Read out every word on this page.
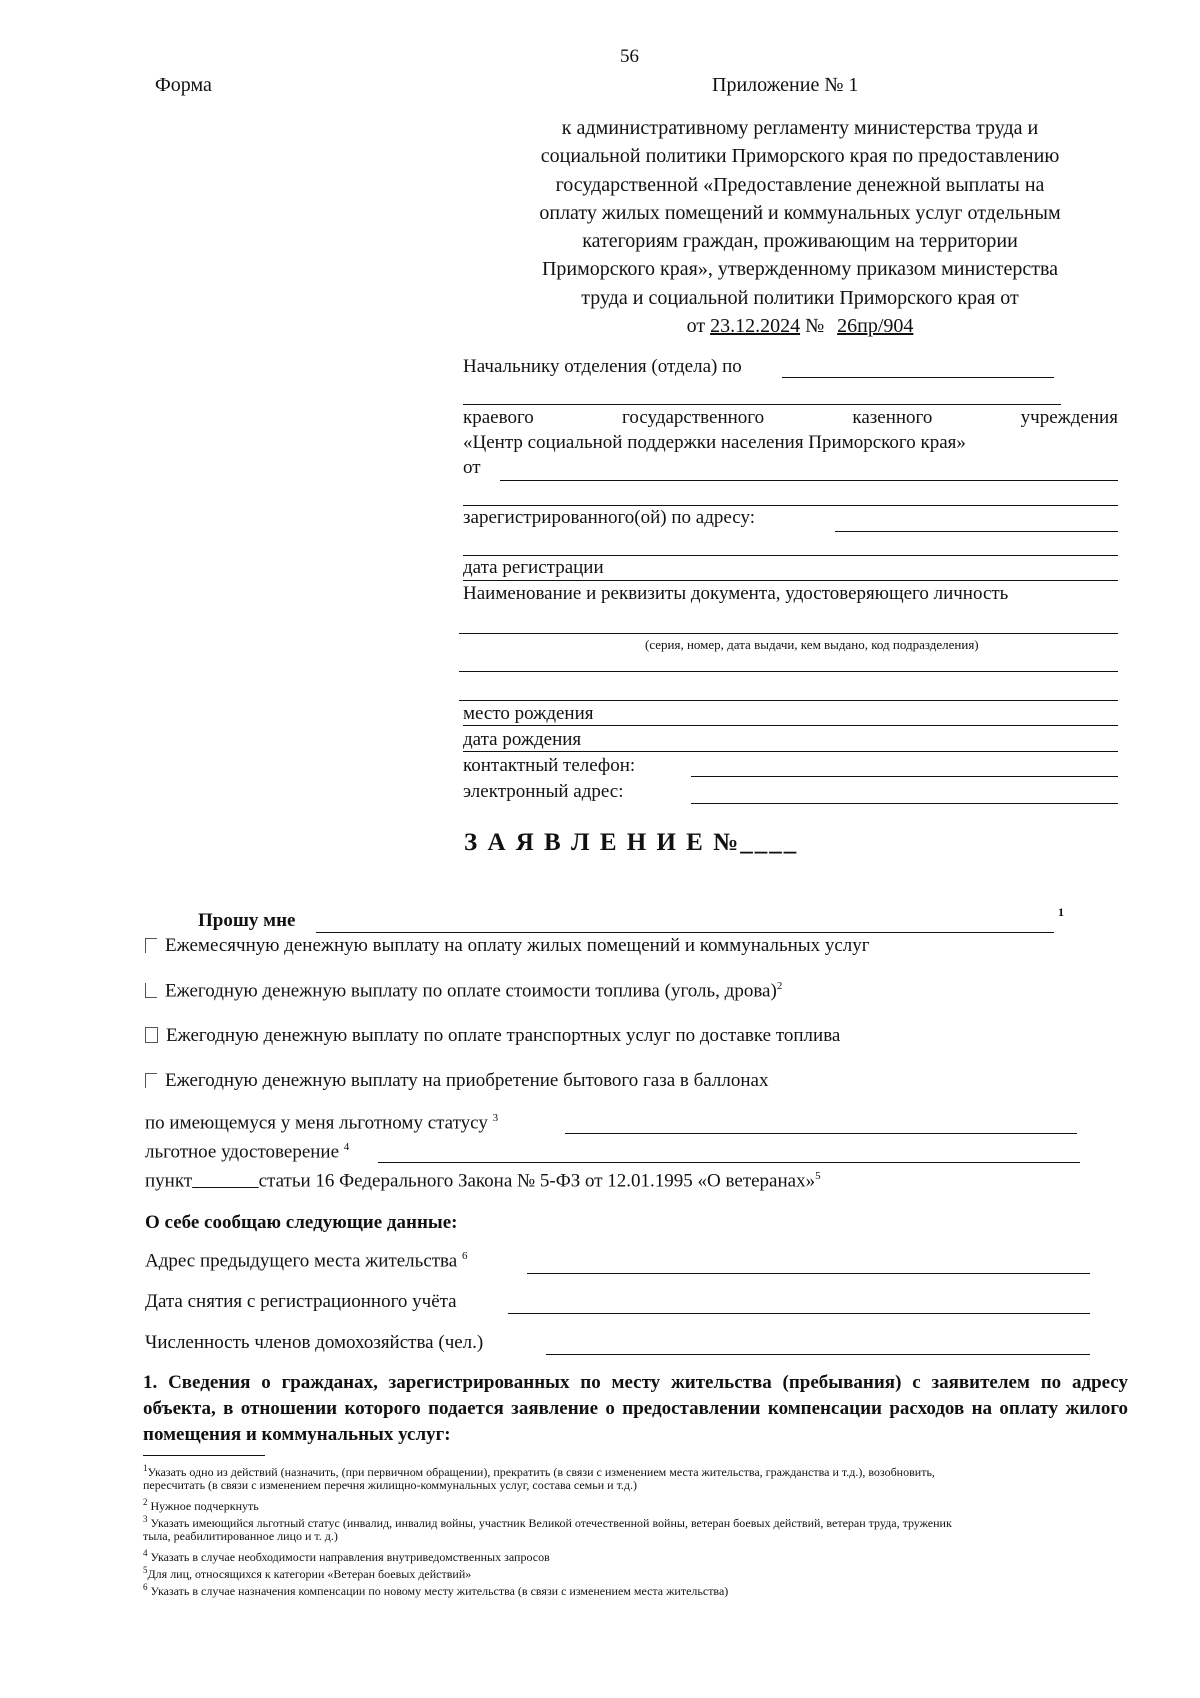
56
Форма	Приложение № 1
к административному регламенту министерства труда и
социальной политики Приморского края по предоставлению
государственной «Предоставление денежной выплаты на
оплату жилых помещений и коммунальных услуг отдельным
категориям граждан, проживающим на территории
Приморского края», утвержденному приказом министерства
труда и социальной политики Приморского края от
от 23.12.2024 № 26пр/904
Начальнику отделения (отдела) по
краевого	государственного	казенного	учреждения
«Центр социальной поддержки населения Приморского края»
от
зарегистрированного(ой) по адресу:
дата регистрации
Наименование и реквизиты документа, удостоверяющего личность
(серия, номер, дата выдачи, кем выдано, код подразделения)
место рождения
дата рождения
контактный телефон:
электронный адрес:
З А Я В Л Е Н И Е №____
Прошу мне	1
Ежемесячную денежную выплату на оплату жилых помещений и коммунальных услуг
Ежегодную денежную выплату по оплате стоимости топлива (уголь, дрова)$^2$
Ежегодную денежную выплату по оплате транспортных услуг по доставке топлива
Ежегодную денежную выплату на приобретение бытового газа в баллонах
по имеющемуся у меня льготному статусу $^3$
льготное удостоверение $^4$
пункт	статьи 16 Федерального Закона № 5-ФЗ от 12.01.1995 «О ветеранах»$^5$
О себе сообщаю следующие данные:
Адрес предыдущего места жительства $^6$
Дата снятия с регистрационного учёта
Численность членов домохозяйства (чел.)
1. Сведения о гражданах, зарегистрированных по месту жительства (пребывания) с заявителем по адресу объекта, в отношении которого подается заявление о предоставлении компенсации расходов на оплату жилого помещения и коммунальных услуг:
$^1$Указать одно из действий (назначить, (при первичном обращении), прекратить (в связи с изменением места жительства, гражданства и т.д.), возобновить,
пересчитать (в связи с изменением перечня жилищно-коммунальных услуг, состава семьи и т.д.)
$^2$ Нужное подчеркнуть
$^3$ Указать имеющийся льготный статус (инвалид, инвалид войны, участник Великой отечественной войны, ветеран боевых действий, ветеран труда, труженик
тыла, реабилитированное лицо и т. д.)
$^4$ Указать в случае необходимости направления внутриведомственных запросов
$^5$Для лиц, относящихся к категории «Ветеран боевых действий»
$^6$ Указать в случае назначения компенсации по новому месту жительства (в связи с изменением места жительства)
